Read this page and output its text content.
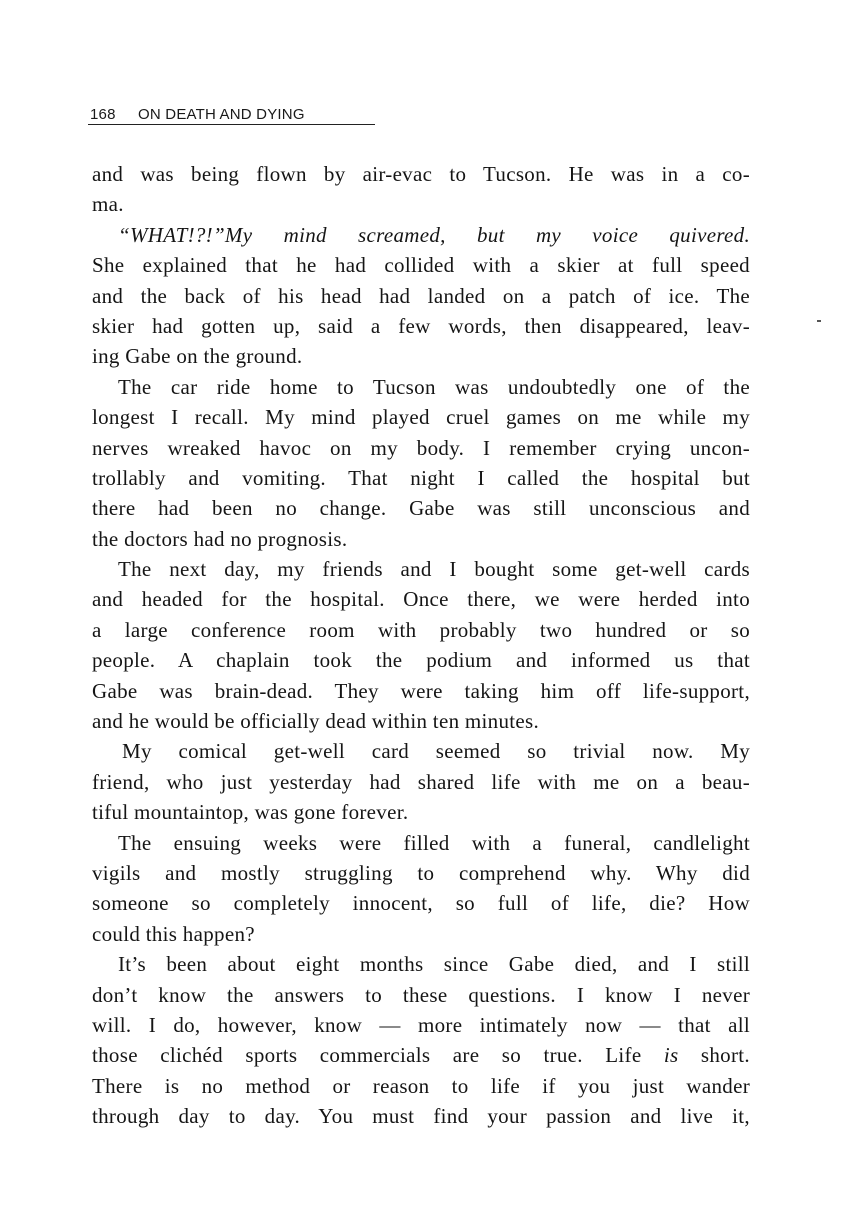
168 ON DEATH AND DYING
and was being flown by air-evac to Tucson. He was in a co-
ma.
“WHAT!?!”My mind screamed, but my voice quivered.
She explained that he had collided with a skier at full speed
and the back of his head had landed on a patch of ice. The
skier had gotten up, said a few words, then disappeared, leav-
ing Gabe on the ground.
The car ride home to Tucson was undoubtedly one of the
longest I recall. My mind played cruel games on me while my
nerves wreaked havoc on my body. I remember crying uncon-
trollably and vomiting. That night I called the hospital but
there had been no change. Gabe was still unconscious and
the doctors had no prognosis.
The next day, my friends and I bought some get-well cards
and headed for the hospital. Once there, we were herded into
a large conference room with probably two hundred or so
people. A chaplain took the podium and informed us that
Gabe was brain-dead. They were taking him off life-support,
and he would be officially dead within ten minutes.
My comical get-well card seemed so trivial now. My
friend, who just yesterday had shared life with me on a beau-
tiful mountaintop, was gone forever.
The ensuing weeks were filled with a funeral, candlelight
vigils and mostly struggling to comprehend why. Why did
someone so completely innocent, so full of life, die? How
could this happen?
It’s been about eight months since Gabe died, and I still
don’t know the answers to these questions. I know I never
will. I do, however, know — more intimately now — that all
those clichéd sports commercials are so true. Life is short.
There is no method or reason to life if you just wander
through day to day. You must find your passion and live it,
